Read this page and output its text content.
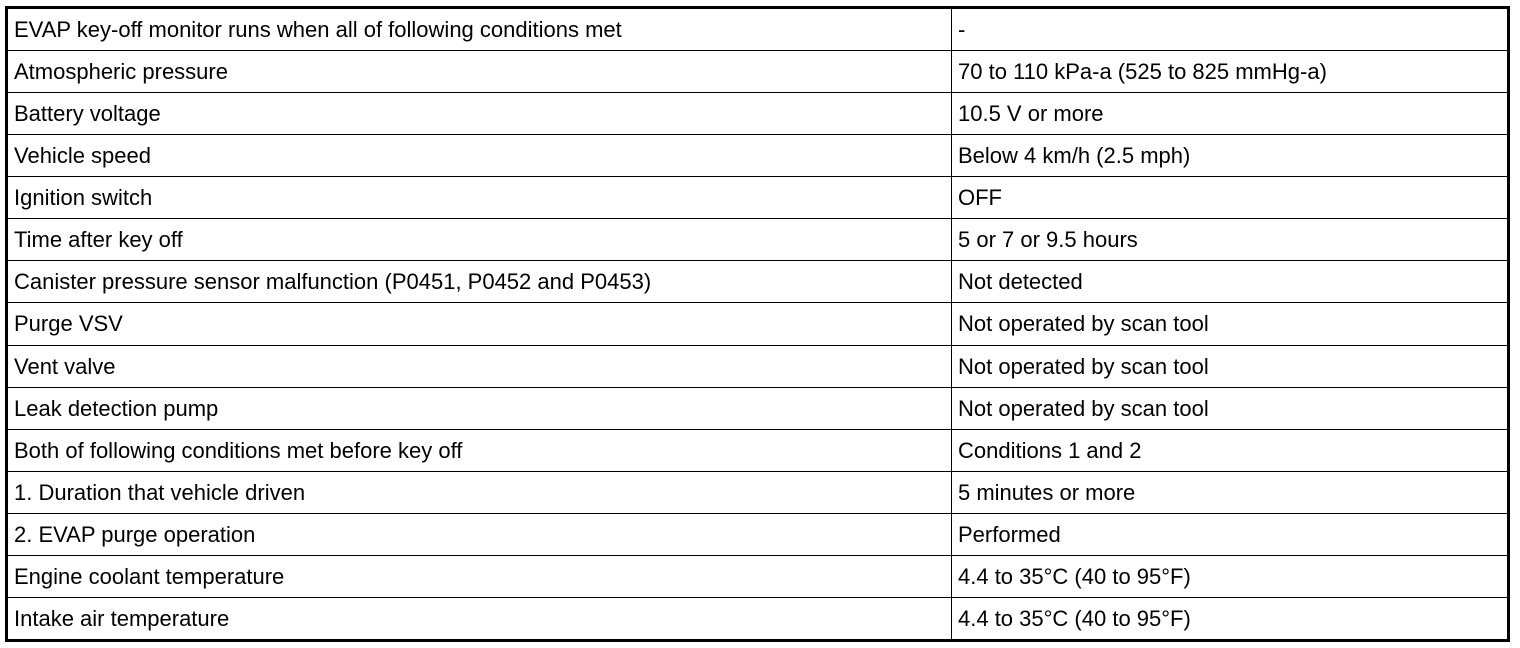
EVAP key-off monitor runs when all of following conditions met	-
Atmospheric pressure	70 to 110 kPa-a (525 to 825 mmHg-a)
Battery voltage	10.5 V or more
Vehicle speed	Below 4 km/h (2.5 mph)
Ignition switch	OFF
Time after key off	5 or 7 or 9.5 hours
Canister pressure sensor malfunction (P0451, P0452 and P0453)	Not detected
Purge VSV	Not operated by scan tool
Vent valve	Not operated by scan tool
Leak detection pump	Not operated by scan tool
Both of following conditions met before key off	Conditions 1 and 2
1. Duration that vehicle driven	5 minutes or more
2. EVAP purge operation	Performed
Engine coolant temperature	4.4 to 35°C (40 to 95°F)
Intake air temperature	4.4 to 35°C (40 to 95°F)
